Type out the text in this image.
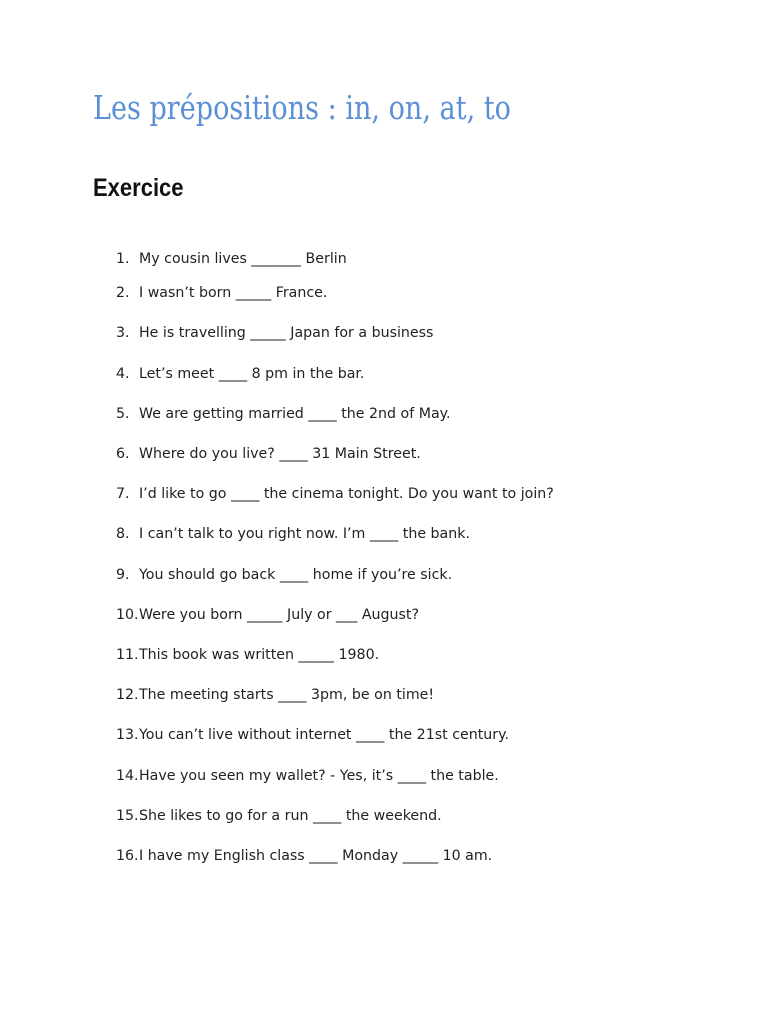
Les prépositions : in, on, at, to
Exercice
1. My cousin lives _______ Berlin
2. I wasn’t born _____ France.
3. He is travelling _____ Japan for a business
4. Let’s meet ____ 8 pm in the bar.
5. We are getting married ____ the 2nd of May.
6. Where do you live? ____ 31 Main Street.
7. I’d like to go ____ the cinema tonight. Do you want to join?
8. I can’t talk to you right now. I’m ____ the bank.
9. You should go back ____ home if you’re sick.
10.Were you born _____ July or ___ August?
11.This book was written _____ 1980.
12.The meeting starts ____ 3pm, be on time!
13.You can’t live without internet ____ the 21st century.
14.Have you seen my wallet? - Yes, it’s ____ the table.
15.She likes to go for a run ____ the weekend.
16.I have my English class ____ Monday _____ 10 am.
